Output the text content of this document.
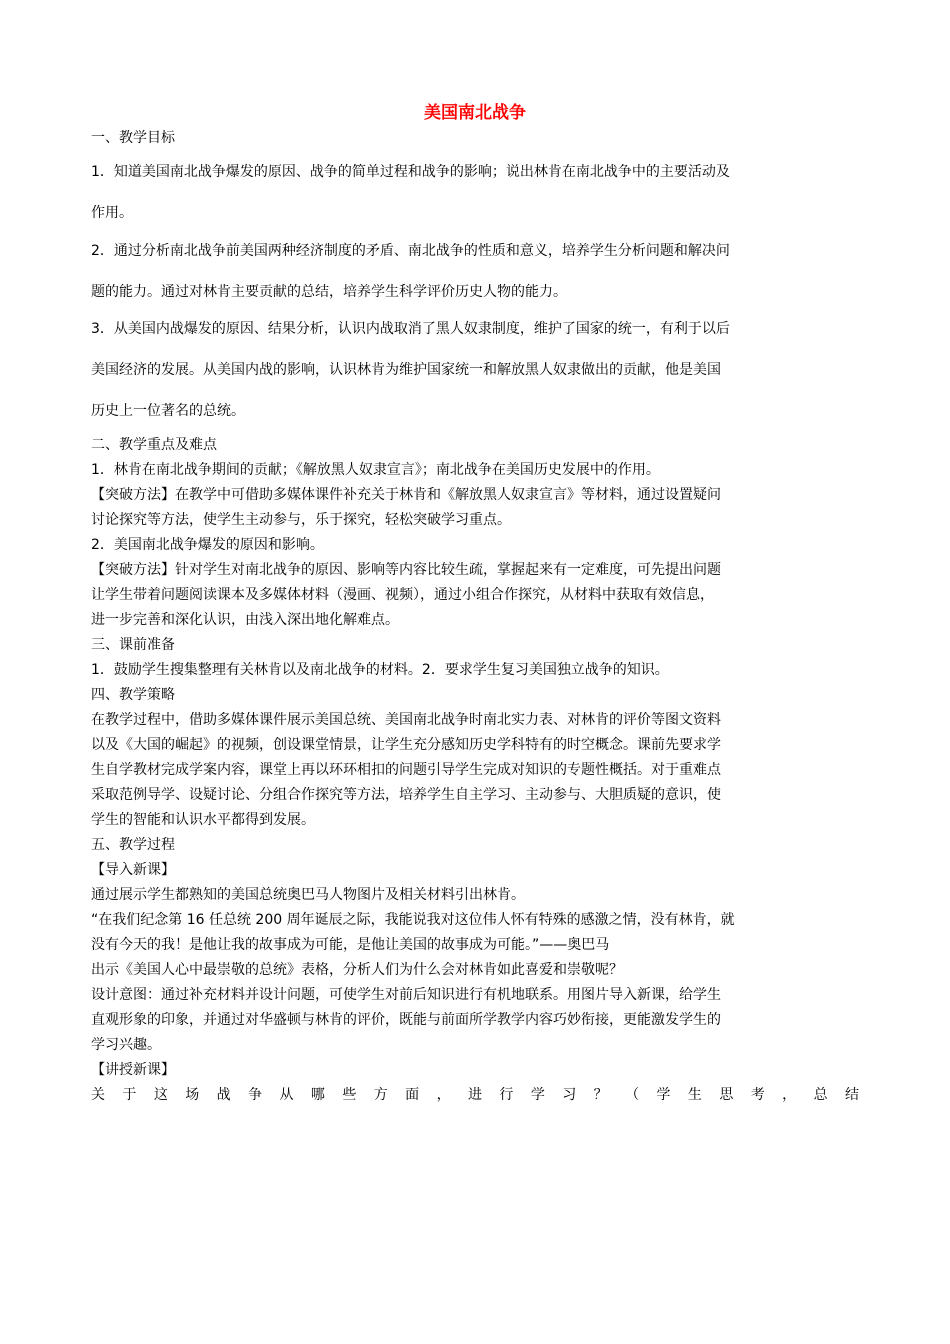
美国南北战争

一、教学目标

1．知道美国南北战争爆发的原因、战争的简单过程和战争的影响；说出林肯在南北战争中的主要活动及

作用。

2．通过分析南北战争前美国两种经济制度的矛盾、南北战争的性质和意义，培养学生分析问题和解决问

题的能力。通过对林肯主要贡献的总结，培养学生科学评价历史人物的能力。

3．从美国内战爆发的原因、结果分析，认识内战取消了黑人奴隶制度，维护了国家的统一，有利于以后

美国经济的发展。从美国内战的影响，认识林肯为维护国家统一和解放黑人奴隶做出的贡献，他是美国

历史上一位著名的总统。

二、教学重点及难点

1．林肯在南北战争期间的贡献；《解放黑人奴隶宣言》；南北战争在美国历史发展中的作用。

【突破方法】在教学中可借助多媒体课件补充关于林肯和《解放黑人奴隶宣言》等材料，通过设置疑问

讨论探究等方法，使学生主动参与，乐于探究，轻松突破学习重点。

2．美国南北战争爆发的原因和影响。

【突破方法】针对学生对南北战争的原因、影响等内容比较生疏，掌握起来有一定难度，可先提出问题

让学生带着问题阅读课本及多媒体材料（漫画、视频），通过小组合作探究，从材料中获取有效信息，

进一步完善和深化认识，由浅入深出地化解难点。

三、课前准备

1．鼓励学生搜集整理有关林肯以及南北战争的材料。2．要求学生复习美国独立战争的知识。

四、教学策略

在教学过程中，借助多媒体课件展示美国总统、美国南北战争时南北实力表、对林肯的评价等图文资料

以及《大国的崛起》的视频，创设课堂情景，让学生充分感知历史学科特有的时空概念。课前先要求学

生自学教材完成学案内容，课堂上再以环环相扣的问题引导学生完成对知识的专题性概括。对于重难点

采取范例导学、设疑讨论、分组合作探究等方法，培养学生自主学习、主动参与、大胆质疑的意识，使

学生的智能和认识水平都得到发展。

五、教学过程

【导入新课】

通过展示学生都熟知的美国总统奥巴马人物图片及相关材料引出林肯。

“在我们纪念第 16 任总统 200 周年诞辰之际，我能说我对这位伟人怀有特殊的感激之情，没有林肯，就

没有今天的我！是他让我的故事成为可能，是他让美国的故事成为可能。”——奥巴马

出示《美国人心中最崇敬的总统》表格，分析人们为什么会对林肯如此喜爱和崇敬呢？

设计意图：通过补充材料并设计问题，可使学生对前后知识进行有机地联系。用图片导入新课，给学生

直观形象的印象，并通过对华盛顿与林肯的评价，既能与前面所学教学内容巧妙衔接，更能激发学生的

学习兴趣。

【讲授新课】

关于这场战争从哪些方面，进行学习？（学生思考，总结
